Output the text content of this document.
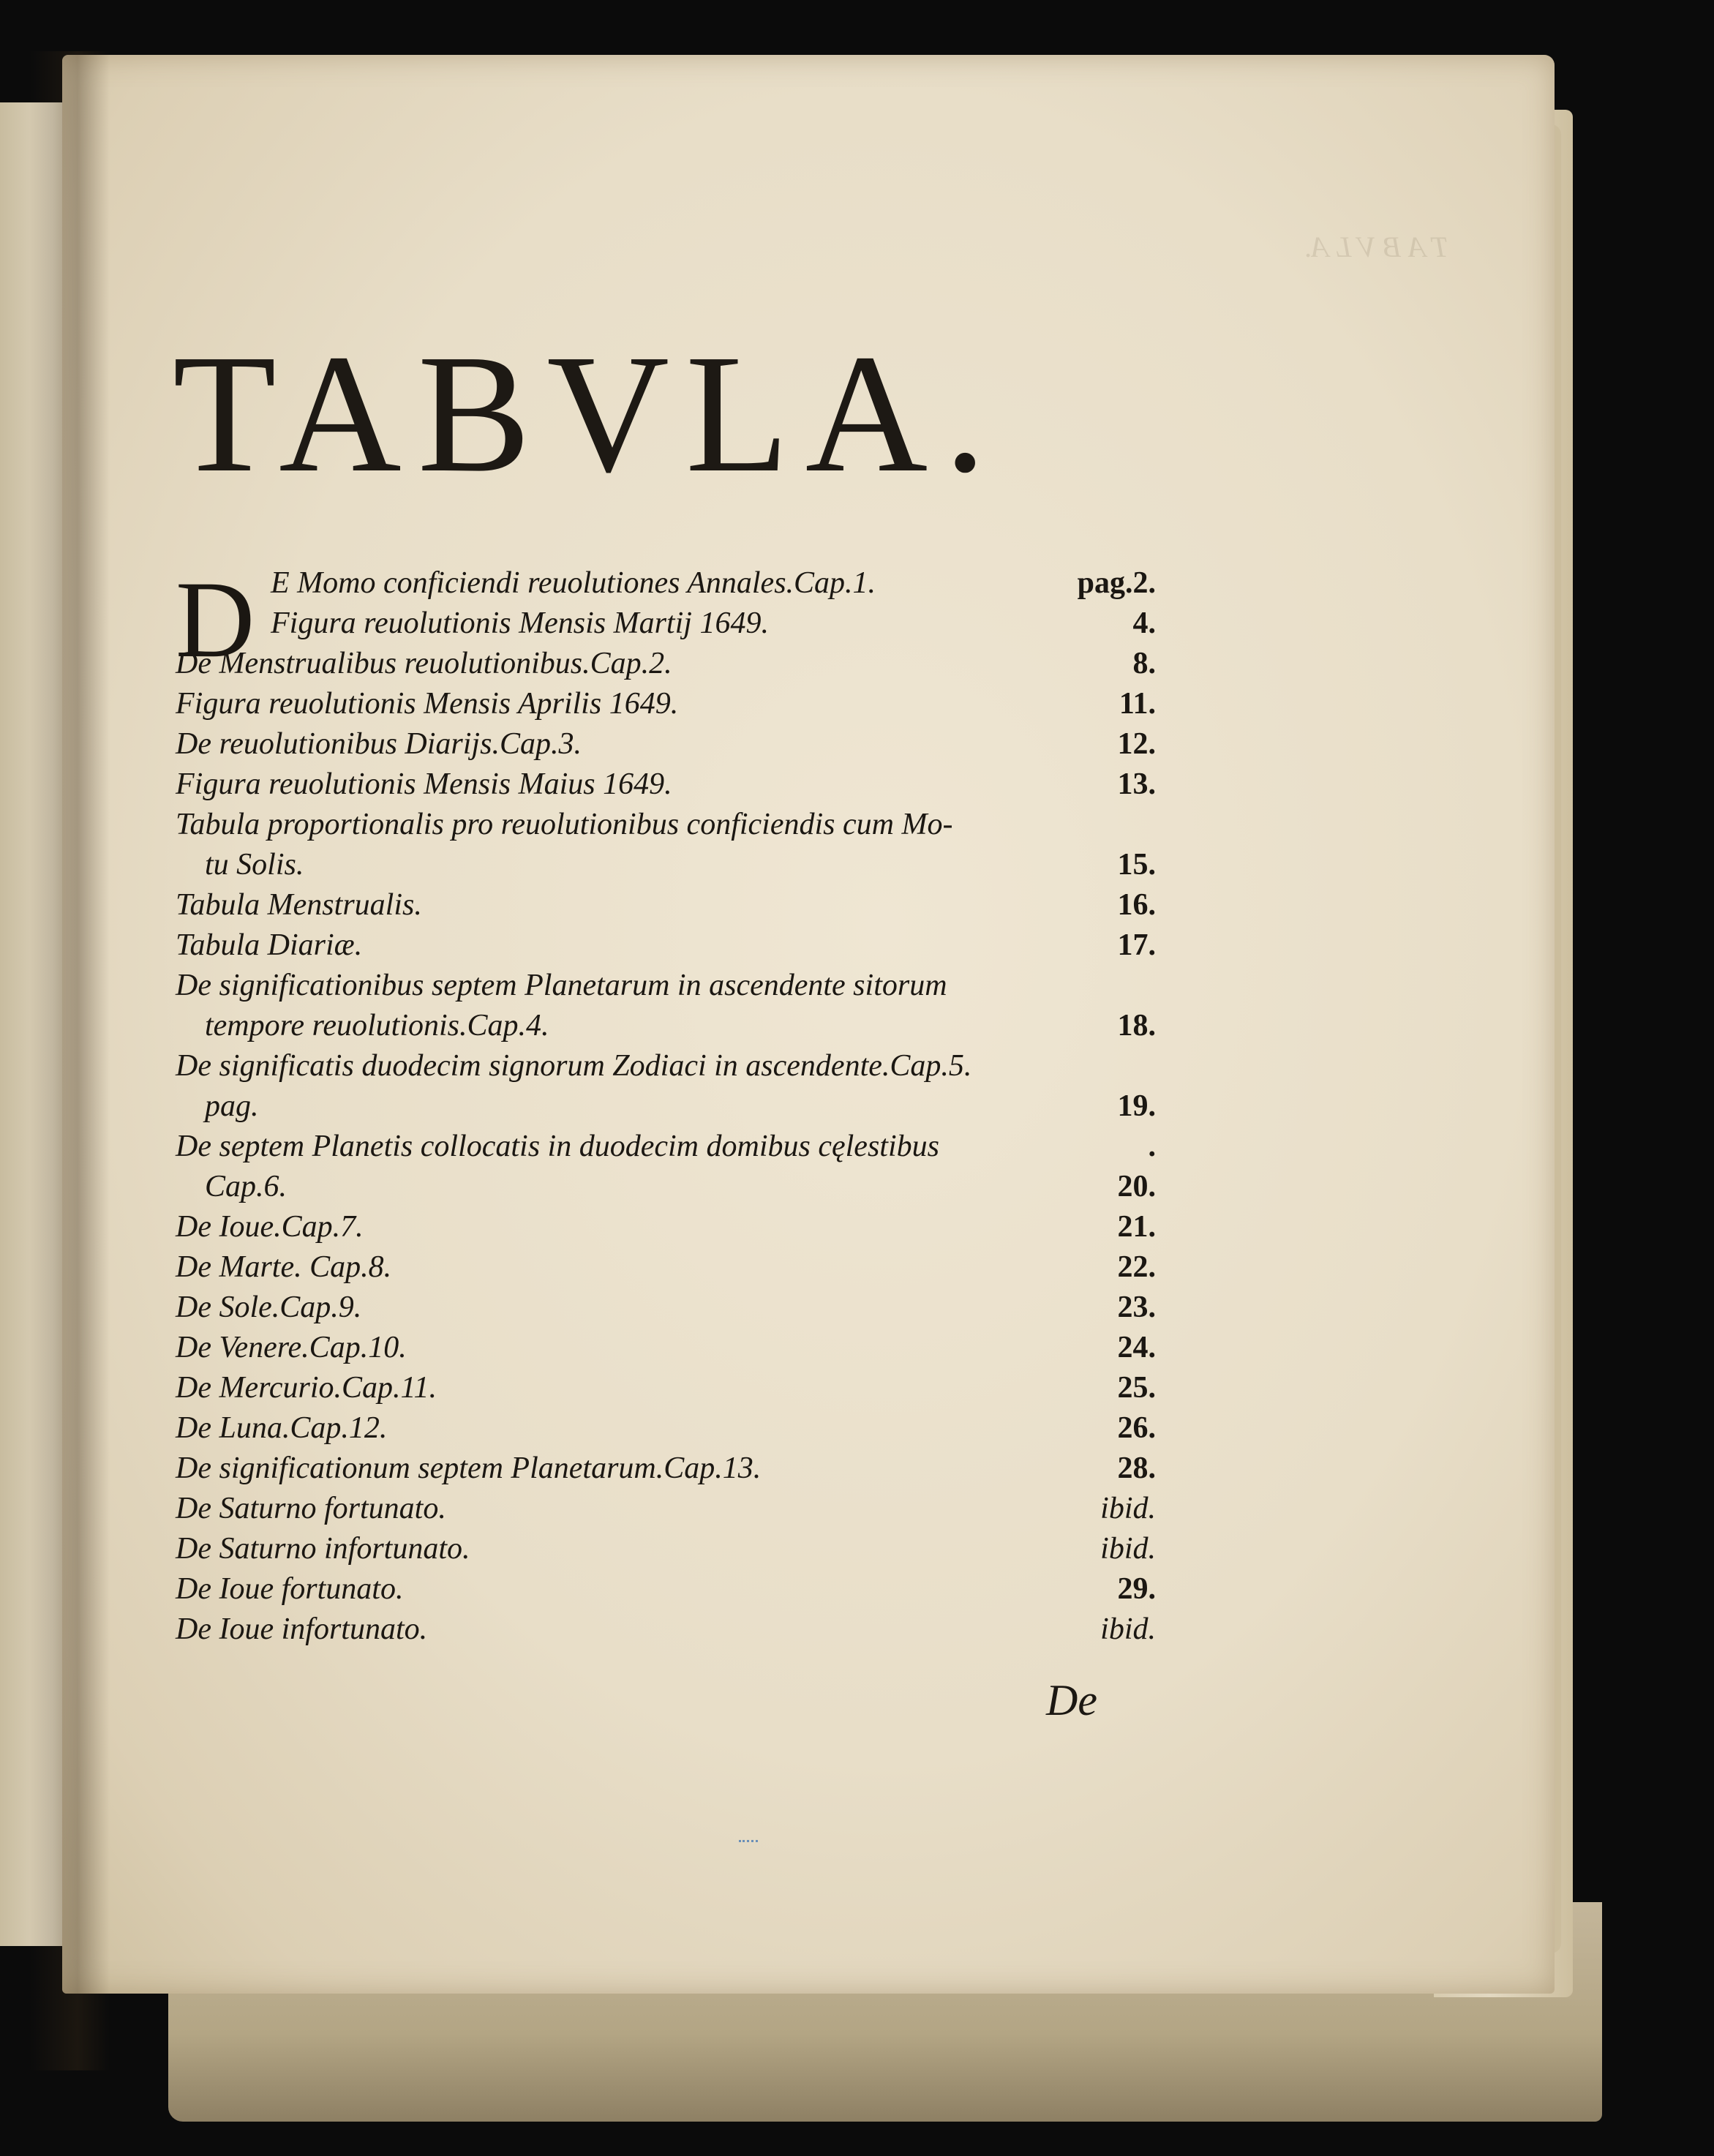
T A B V L A.
TABVLA.
D E Momo conficiendi reuolutiones Annales.Cap.1.	pag.2.
Figura reuolutionis Mensis Martij 1649.	4.
De Menstrualibus reuolutionibus.Cap.2.	8.
Figura reuolutionis Mensis Aprilis 1649.	11.
De reuolutionibus Diarijs.Cap.3.	12.
Figura reuolutionis Mensis Maius 1649.	13.
Tabula proportionalis pro reuolutionibus conficiendis cum Mo-
tu Solis.	15.
Tabula Menstrualis.	16.
Tabula Diariæ.	17.
De significationibus septem Planetarum in ascendente sitorum
tempore reuolutionis.Cap.4.	18.
De significatis duodecim signorum Zodiaci in ascendente.Cap.5.
pag.	19.
De septem Planetis collocatis in duodecim domibus cęlestibus	.
Cap.6.	20.
De Ioue.Cap.7.	21.
De Marte. Cap.8.	22.
De Sole.Cap.9.	23.
De Venere.Cap.10.	24.
De Mercurio.Cap.11.	25.
De Luna.Cap.12.	26.
De significationum septem Planetarum.Cap.13.	28.
De Saturno fortunato.	ibid.
De Saturno infortunato.	ibid.
De Ioue fortunato.	29.
De Ioue infortunato.	ibid.
De
